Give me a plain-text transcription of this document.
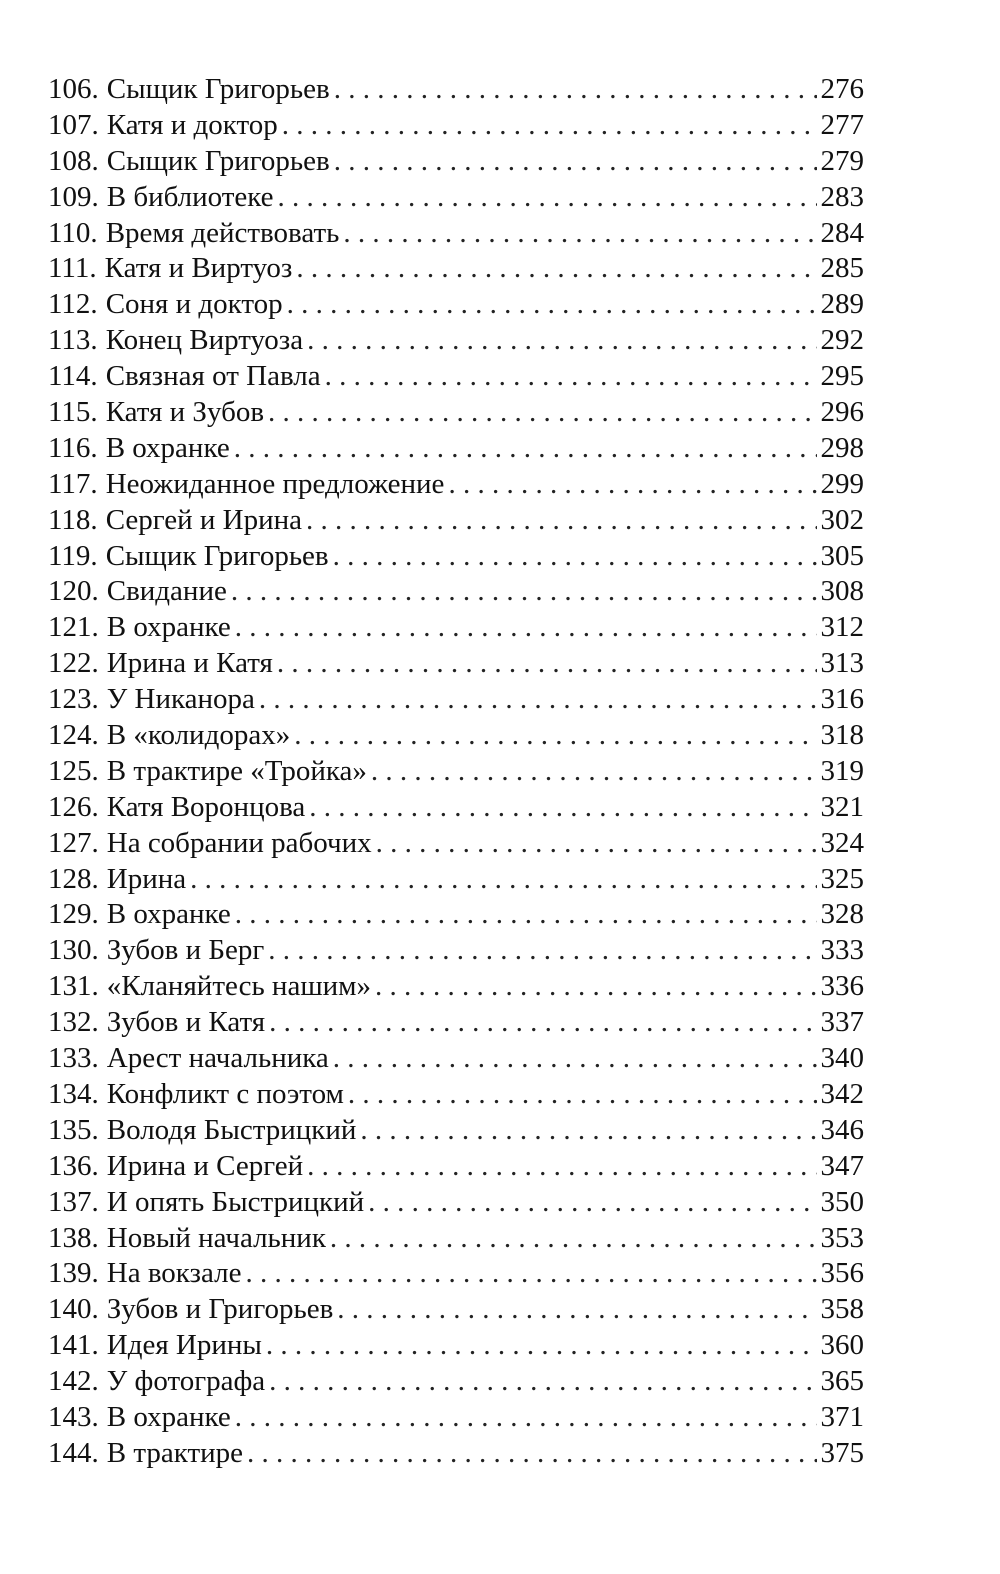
106. Сыщик Григорьев . . .	276
107. Катя и доктор . . .	277
108. Сыщик Григорьев . . .	279
109. В библиотеке . . .	283
110. Время действовать . . .	284
111. Катя и Виртуоз . . .	285
112. Соня и доктор . . .	289
113. Конец Виртуоза . . .	292
114. Связная от Павла . . .	295
115. Катя и Зубов . . .	296
116. В охранке . . .	298
117. Неожиданное предложение . . .	299
118. Сергей и Ирина . . .	302
119. Сыщик Григорьев . . .	305
120. Свидание . . .	308
121. В охранке . . .	312
122. Ирина и Катя . . .	313
123. У Никанора . . .	316
124. В «колидорах» . . .	318
125. В трактире «Тройка» . . .	319
126. Катя Воронцова . . .	321
127. На собрании рабочих . . .	324
128. Ирина . . .	325
129. В охранке . . .	328
130. Зубов и Берг . . .	333
131. «Кланяйтесь нашим» . . .	336
132. Зубов и Катя . . .	337
133. Арест начальника . . .	340
134. Конфликт с поэтом . . .	342
135. Володя Быстрицкий . . .	346
136. Ирина и Сергей . . .	347
137. И опять Быстрицкий . . .	350
138. Новый начальник . . .	353
139. На вокзале . . .	356
140. Зубов и Григорьев . . .	358
141. Идея Ирины . . .	360
142. У фотографа . . .	365
143. В охранке . . .	371
144. В трактире . . .	375
